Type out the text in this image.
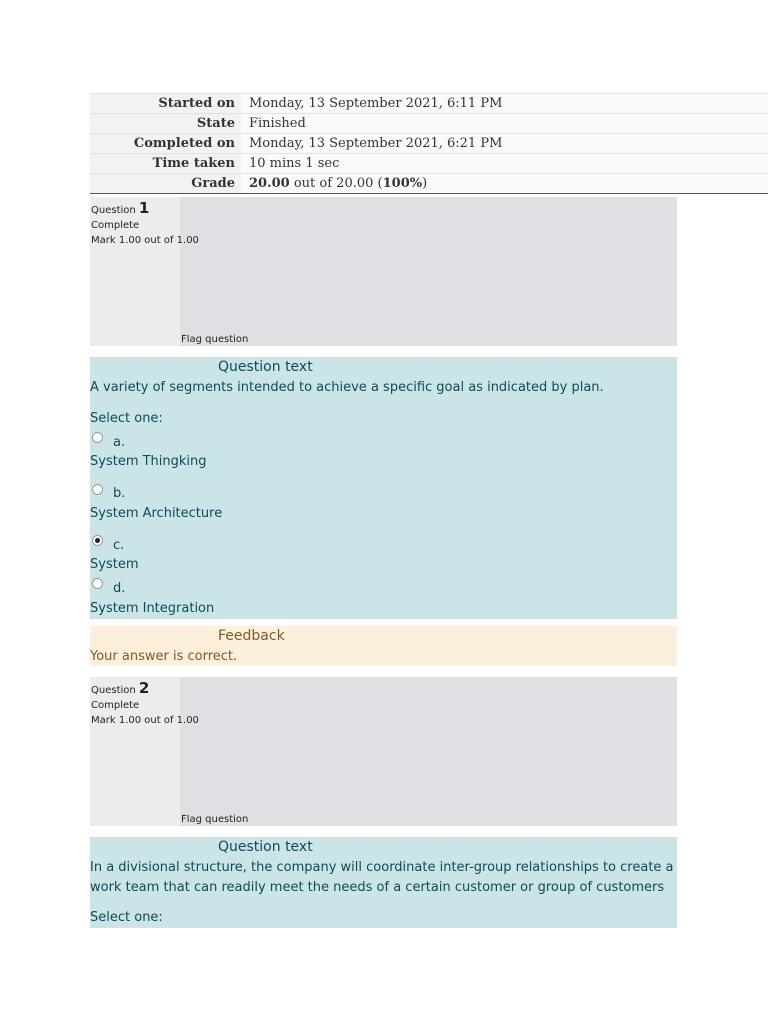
Started on	Monday, 13 September 2021, 6:11 PM
State	Finished
Completed on	Monday, 13 September 2021, 6:21 PM
Time taken	10 mins 1 sec
Grade	20.00 out of 20.00 (100%)
Question 1
Complete
Mark 1.00 out of 1.00
Flag question
Question text
A variety of segments intended to achieve a specific goal as indicated by plan.
Select one:
a.
System Thingking
b.
System Architecture
c.
System
d.
System Integration
Feedback
Your answer is correct.
Question 2
Complete
Mark 1.00 out of 1.00
Flag question
Question text
In a divisional structure, the company will coordinate inter-group relationships to create a
work team that can readily meet the needs of a certain customer or group of customers
Select one:
